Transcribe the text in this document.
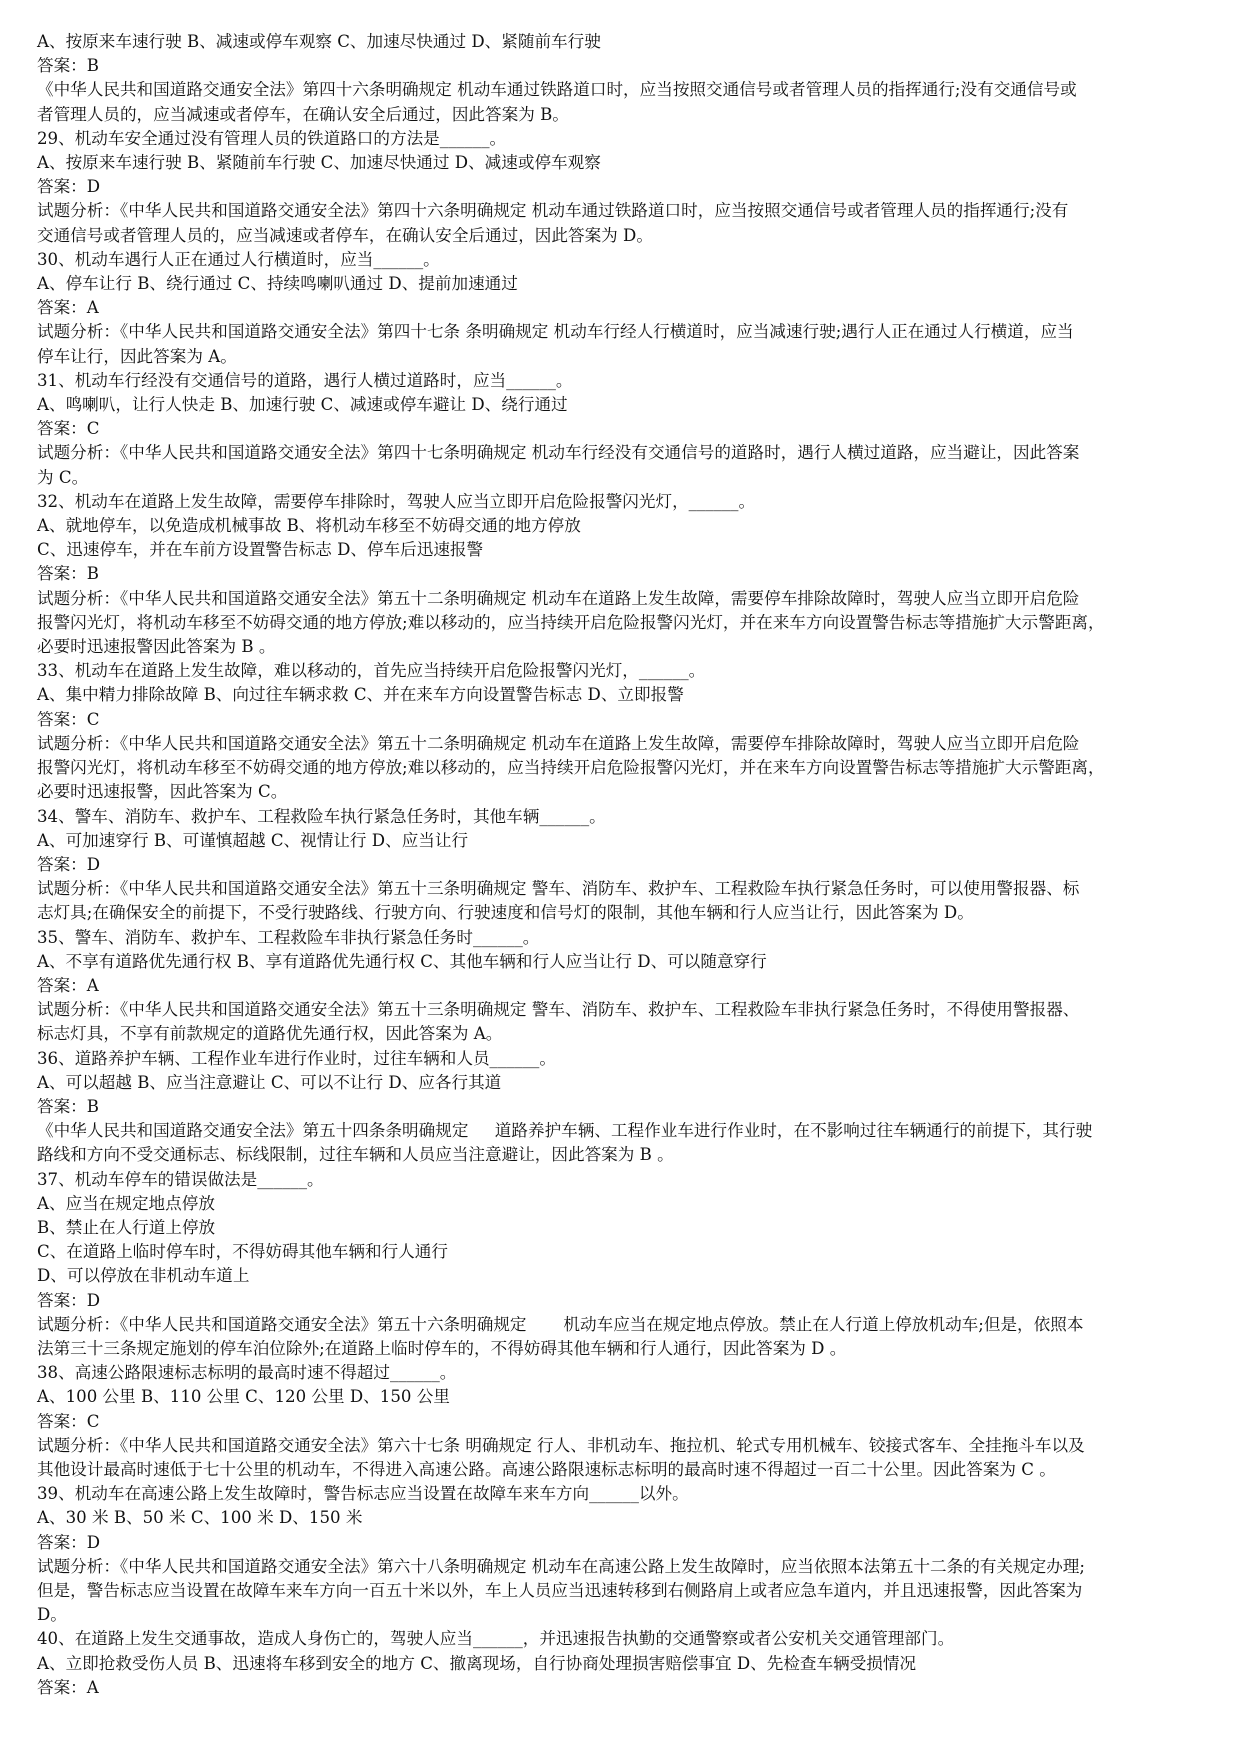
A、按原来车速行驶 B、减速或停车观察 C、加速尽快通过 D、紧随前车行驶

答案：B

《中华人民共和国道路交通安全法》第四十六条明确规定 机动车通过铁路道口时，应当按照交通信号或者管理人员的指挥通行;没有交通信号或

者管理人员的，应当减速或者停车，在确认安全后通过，因此答案为 B。

29、机动车安全通过没有管理人员的铁道路口的方法是______。

A、按原来车速行驶 B、紧随前车行驶 C、加速尽快通过 D、减速或停车观察

答案：D

试题分析：《中华人民共和国道路交通安全法》第四十六条明确规定 机动车通过铁路道口时，应当按照交通信号或者管理人员的指挥通行;没有

交通信号或者管理人员的，应当减速或者停车，在确认安全后通过，因此答案为 D。

30、机动车遇行人正在通过人行横道时，应当______。

A、停车让行 B、绕行通过 C、持续鸣喇叭通过 D、提前加速通过

答案：A

试题分析：《中华人民共和国道路交通安全法》第四十七条 条明确规定 机动车行经人行横道时，应当减速行驶;遇行人正在通过人行横道，应当

停车让行，因此答案为 A。

31、机动车行经没有交通信号的道路，遇行人横过道路时，应当______。

A、鸣喇叭，让行人快走 B、加速行驶 C、减速或停车避让 D、绕行通过

答案：C

试题分析：《中华人民共和国道路交通安全法》第四十七条明确规定 机动车行经没有交通信号的道路时，遇行人横过道路，应当避让，因此答案

为 C。

32、机动车在道路上发生故障，需要停车排除时，驾驶人应当立即开启危险报警闪光灯，______。

A、就地停车，以免造成机械事故 B、将机动车移至不妨碍交通的地方停放

C、迅速停车，并在车前方设置警告标志 D、停车后迅速报警

答案：B

试题分析：《中华人民共和国道路交通安全法》第五十二条明确规定 机动车在道路上发生故障，需要停车排除故障时，驾驶人应当立即开启危险

报警闪光灯，将机动车移至不妨碍交通的地方停放;难以移动的，应当持续开启危险报警闪光灯，并在来车方向设置警告标志等措施扩大示警距离，

必要时迅速报警因此答案为 B 。

33、机动车在道路上发生故障，难以移动的，首先应当持续开启危险报警闪光灯，______。

A、集中精力排除故障 B、向过往车辆求救 C、并在来车方向设置警告标志 D、立即报警

答案：C

试题分析：《中华人民共和国道路交通安全法》第五十二条明确规定 机动车在道路上发生故障，需要停车排除故障时，驾驶人应当立即开启危险

报警闪光灯，将机动车移至不妨碍交通的地方停放;难以移动的，应当持续开启危险报警闪光灯，并在来车方向设置警告标志等措施扩大示警距离，

必要时迅速报警，因此答案为 C。

34、警车、消防车、救护车、工程救险车执行紧急任务时，其他车辆______。

A、可加速穿行 B、可谨慎超越 C、视情让行 D、应当让行

答案：D

试题分析：《中华人民共和国道路交通安全法》第五十三条明确规定 警车、消防车、救护车、工程救险车执行紧急任务时，可以使用警报器、标

志灯具;在确保安全的前提下，不受行驶路线、行驶方向、行驶速度和信号灯的限制，其他车辆和行人应当让行，因此答案为 D。

35、警车、消防车、救护车、工程救险车非执行紧急任务时______。

A、不享有道路优先通行权 B、享有道路优先通行权 C、其他车辆和行人应当让行 D、可以随意穿行

答案：A

试题分析：《中华人民共和国道路交通安全法》第五十三条明确规定 警车、消防车、救护车、工程救险车非执行紧急任务时，不得使用警报器、

标志灯具，不享有前款规定的道路优先通行权，因此答案为 A。

36、道路养护车辆、工程作业车进行作业时，过往车辆和人员______。

A、可以超越 B、应当注意避让 C、可以不让行 D、应各行其道

答案：B

《中华人民共和国道路交通安全法》第五十四条条明确规定     道路养护车辆、工程作业车进行作业时，在不影响过往车辆通行的前提下，其行驶

路线和方向不受交通标志、标线限制，过往车辆和人员应当注意避让，因此答案为 B 。

37、机动车停车的错误做法是______。

A、应当在规定地点停放

B、禁止在人行道上停放

C、在道路上临时停车时，不得妨碍其他车辆和行人通行

D、可以停放在非机动车道上

答案：D

试题分析：《中华人民共和国道路交通安全法》第五十六条明确规定       机动车应当在规定地点停放。禁止在人行道上停放机动车;但是，依照本

法第三十三条规定施划的停车泊位除外;在道路上临时停车的，不得妨碍其他车辆和行人通行，因此答案为 D 。

38、高速公路限速标志标明的最高时速不得超过______。

A、100 公里 B、110 公里 C、120 公里 D、150 公里

答案：C

试题分析：《中华人民共和国道路交通安全法》第六十七条 明确规定 行人、非机动车、拖拉机、轮式专用机械车、铰接式客车、全挂拖斗车以及

其他设计最高时速低于七十公里的机动车，不得进入高速公路。高速公路限速标志标明的最高时速不得超过一百二十公里。因此答案为 C 。

39、机动车在高速公路上发生故障时，警告标志应当设置在故障车来车方向______以外。

A、30 米 B、50 米 C、100 米 D、150 米

答案：D

试题分析：《中华人民共和国道路交通安全法》第六十八条明确规定 机动车在高速公路上发生故障时，应当依照本法第五十二条的有关规定办理;

但是，警告标志应当设置在故障车来车方向一百五十米以外，车上人员应当迅速转移到右侧路肩上或者应急车道内，并且迅速报警，因此答案为

D。

40、在道路上发生交通事故，造成人身伤亡的，驾驶人应当______，并迅速报告执勤的交通警察或者公安机关交通管理部门。

A、立即抢救受伤人员 B、迅速将车移到安全的地方 C、撤离现场，自行协商处理损害赔偿事宜 D、先检查车辆受损情况

答案：A
